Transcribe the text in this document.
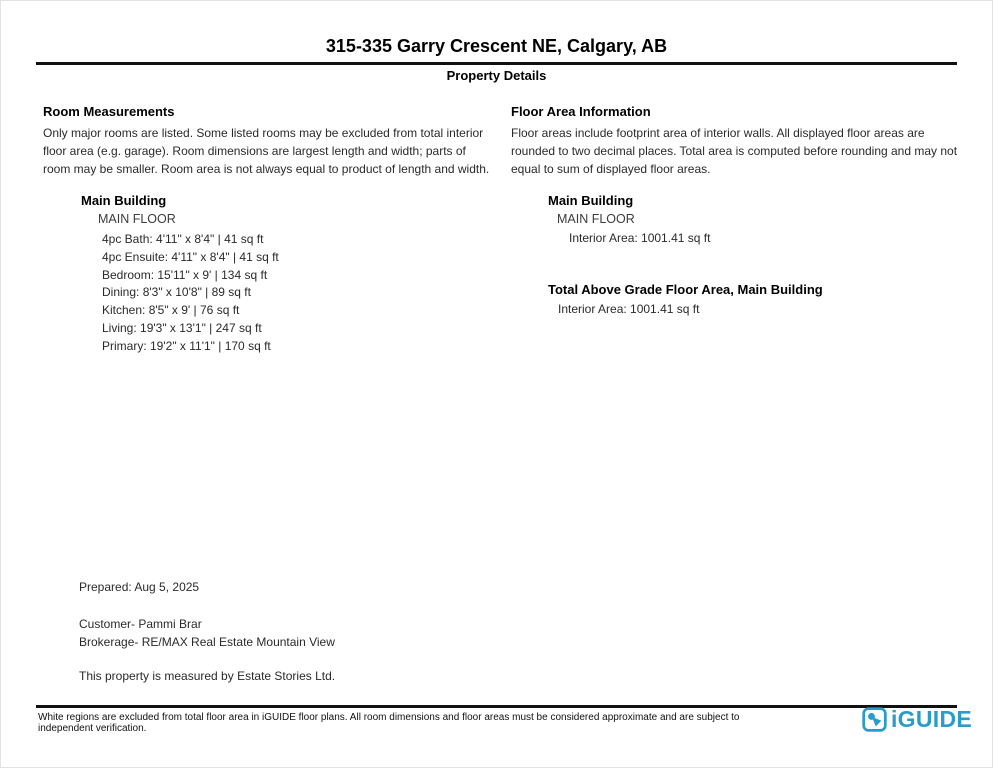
315-335 Garry Crescent NE, Calgary, AB
Property Details
Room Measurements

Only major rooms are listed. Some listed rooms may be excluded from total interior floor area (e.g. garage). Room dimensions are largest length and width; parts of room may be smaller. Room area is not always equal to product of length and width.

Floor Area Information

Floor areas include footprint area of interior walls. All displayed floor areas are rounded to two decimal places. Total area is computed before rounding and may not equal to sum of displayed floor areas.

Main Building
MAIN FLOOR
4pc Bath: 4'11" x 8'4" | 41 sq ft
4pc Ensuite: 4'11" x 8'4" | 41 sq ft
Bedroom: 15'11" x 9' | 134 sq ft
Dining: 8'3" x 10'8" | 89 sq ft
Kitchen: 8'5" x 9' | 76 sq ft
Living: 19'3" x 13'1" | 247 sq ft
Primary: 19'2" x 11'1" | 170 sq ft
Main Building
MAIN FLOOR
Interior Area: 1001.41 sq ft
Total Above Grade Floor Area, Main Building
Interior Area: 1001.41 sq ft
Prepared: Aug 5, 2025
Customer- Pammi Brar
Brokerage- RE/MAX Real Estate Mountain View
This property is measured by Estate Stories Ltd.
White regions are excluded from total floor area in iGUIDE floor plans. All room dimensions and floor areas must be considered approximate and are subject to independent verification.	iGUIDE
